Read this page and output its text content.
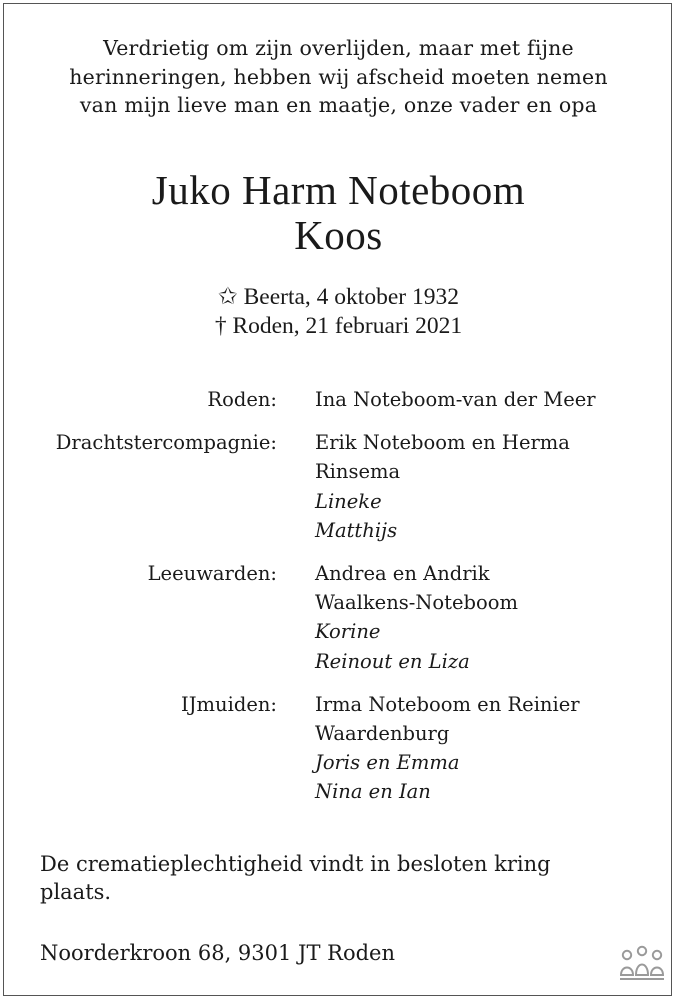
Verdrietig om zijn overlijden, maar met fijne
herinneringen, hebben wij afscheid moeten nemen
van mijn lieve man en maatje, onze vader en opa
Juko Harm Noteboom
Koos
✩ Beerta, 4 oktober 1932
† Roden, 21 februari 2021
Roden: Ina Noteboom-van der Meer
Drachtstercompagnie: Erik Noteboom en Herma
Rinsema
Lineke
Matthijs
Leeuwarden: Andrea en Andrik
Waalkens-Noteboom
Korine
Reinout en Liza
IJmuiden: Irma Noteboom en Reinier
Waardenburg
Joris en Emma
Nina en Ian
De crematieplechtigheid vindt in besloten kring
plaats.
Noorderkroon 68, 9301 JT Roden
